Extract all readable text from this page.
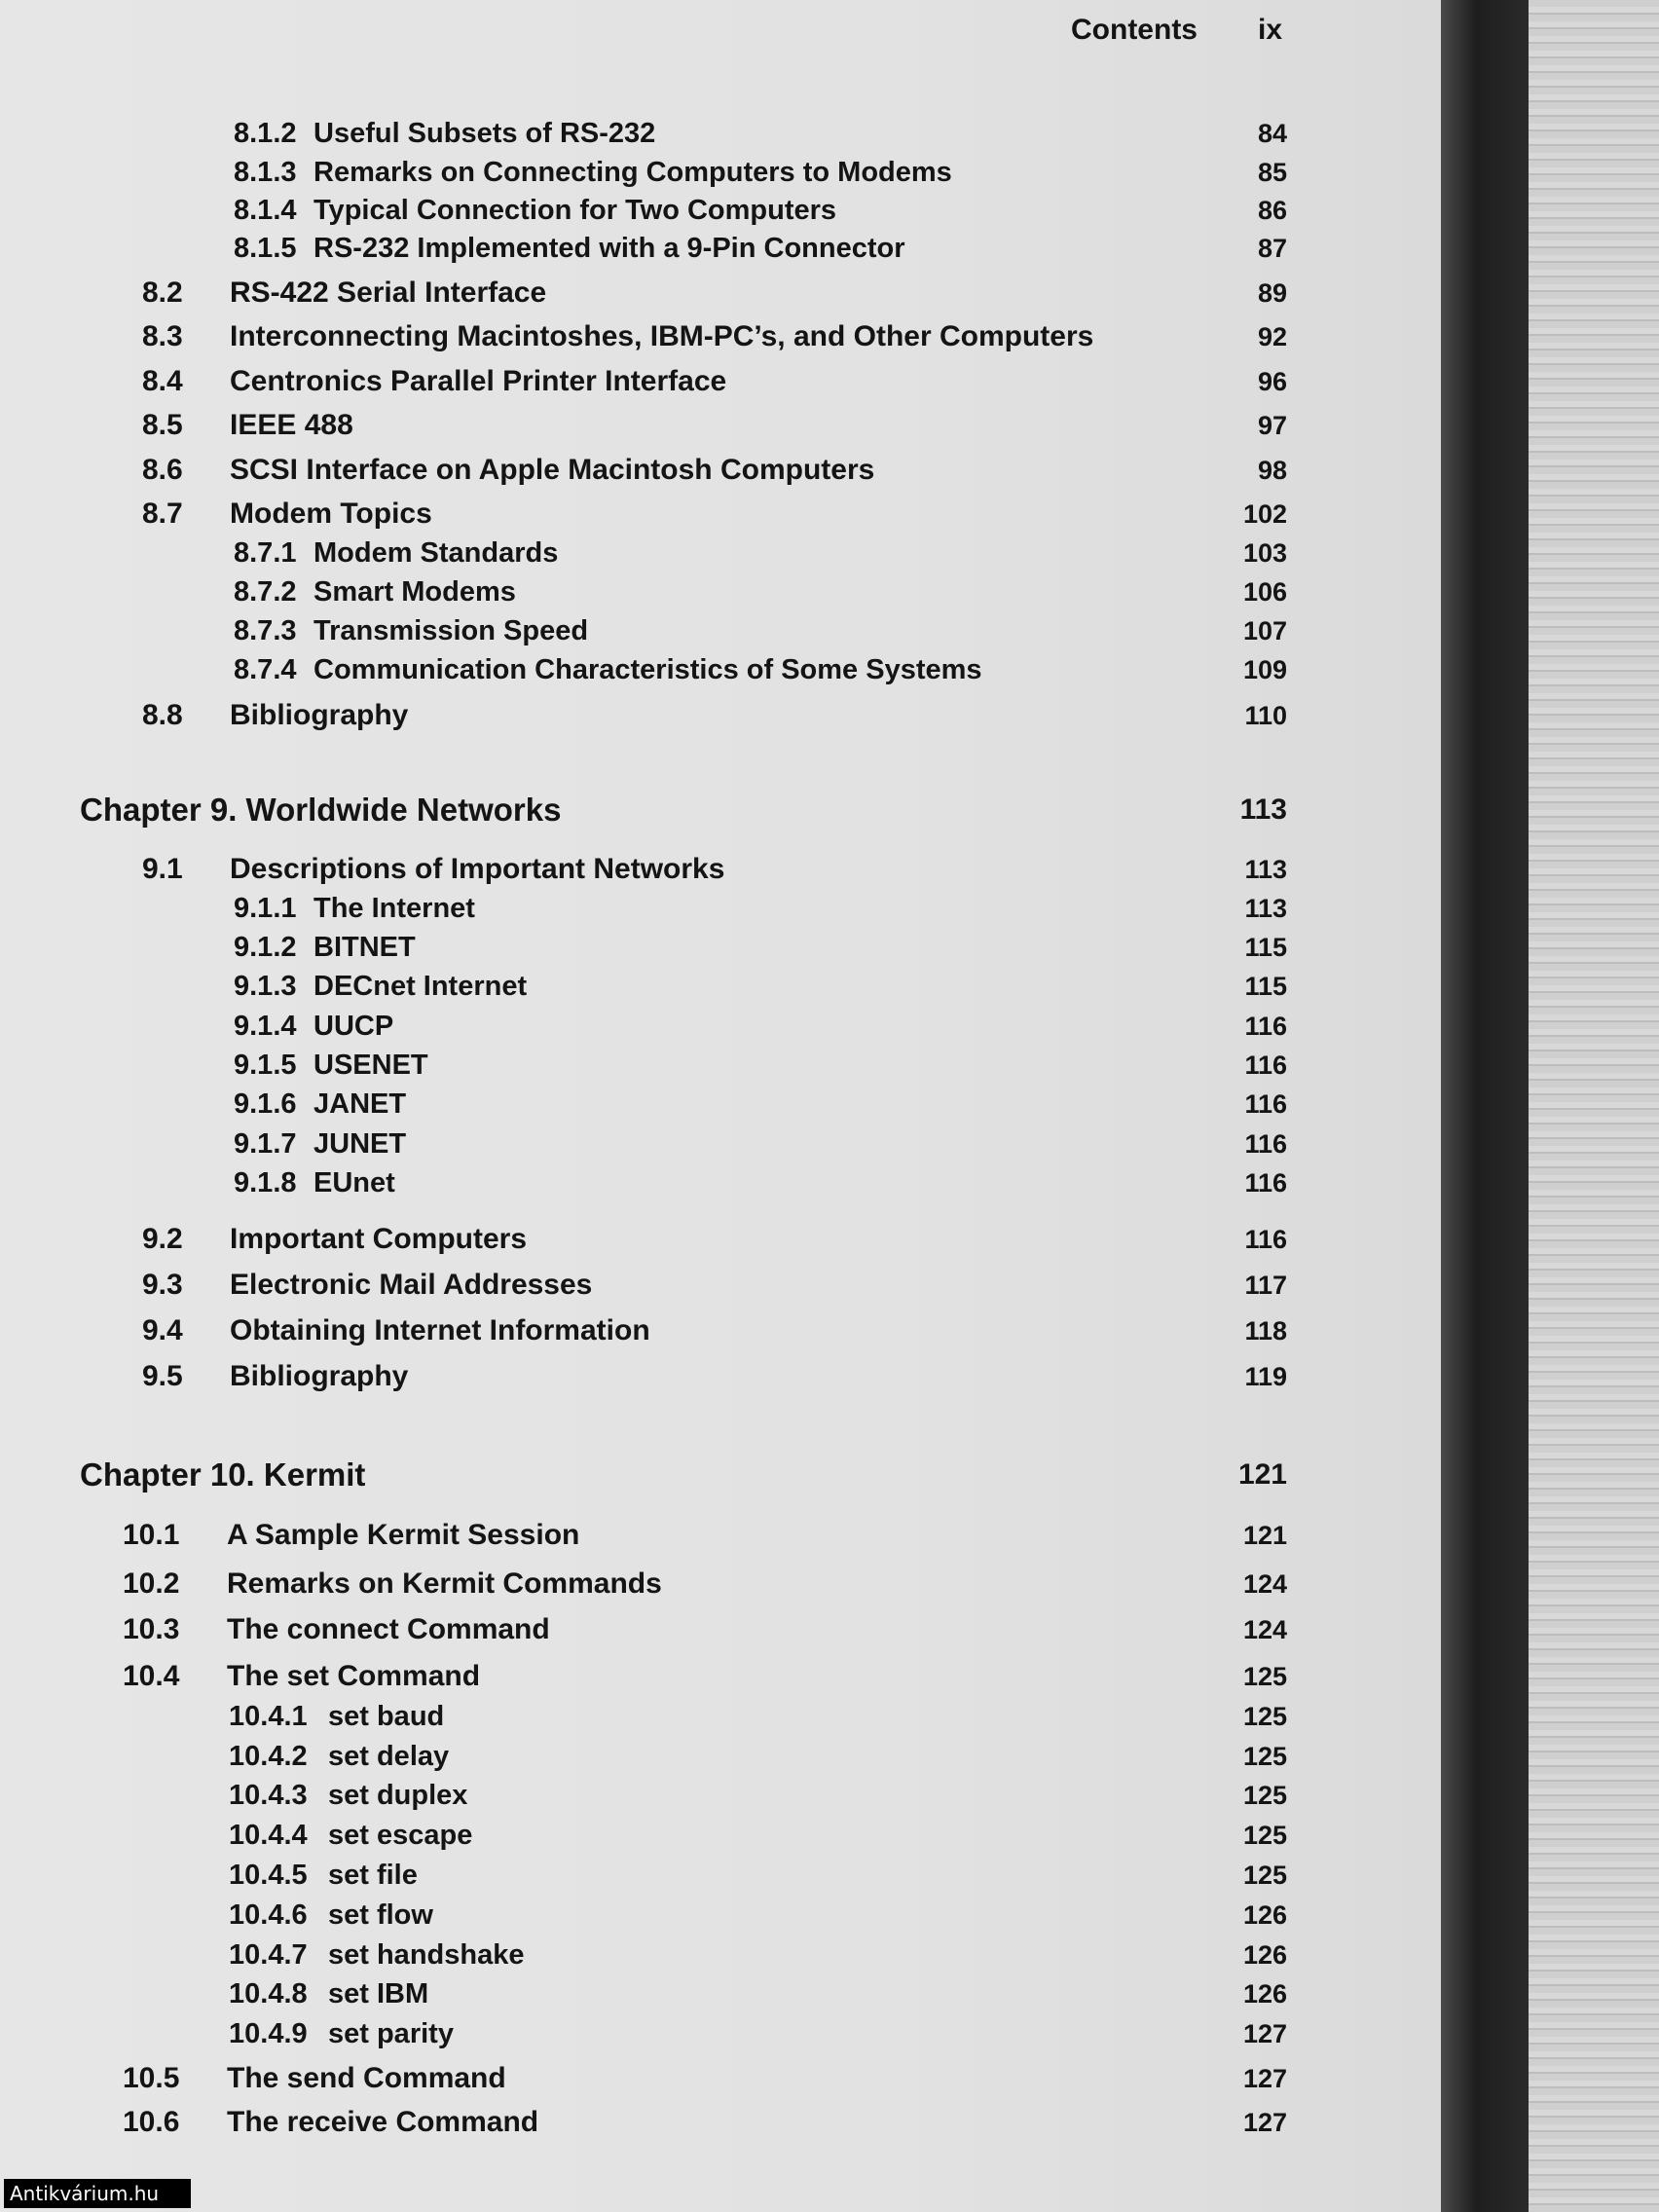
Contents ix
8.1.2 Useful Subsets of RS-232	84
8.1.3 Remarks on Connecting Computers to Modems	85
8.1.4 Typical Connection for Two Computers	86
8.1.5 RS-232 Implemented with a 9-Pin Connector	87
8.2 RS-422 Serial Interface	89
8.3 Interconnecting Macintoshes, IBM-PC’s, and Other Computers	92
8.4 Centronics Parallel Printer Interface	96
8.5 IEEE 488	97
8.6 SCSI Interface on Apple Macintosh Computers	98
8.7 Modem Topics	102
8.7.1 Modem Standards	103
8.7.2 Smart Modems	106
8.7.3 Transmission Speed	107
8.7.4 Communication Characteristics of Some Systems	109
8.8 Bibliography	110
Chapter 9. Worldwide Networks	113
9.1 Descriptions of Important Networks	113
9.1.1 The Internet	113
9.1.2 BITNET	115
9.1.3 DECnet Internet	115
9.1.4 UUCP	116
9.1.5 USENET	116
9.1.6 JANET	116
9.1.7 JUNET	116
9.1.8 EUnet	116
9.2 Important Computers	116
9.3 Electronic Mail Addresses	117
9.4 Obtaining Internet Information	118
9.5 Bibliography	119
Chapter 10. Kermit	121
10.1 A Sample Kermit Session	121
10.2 Remarks on Kermit Commands	124
10.3 The connect Command	124
10.4 The set Command	125
10.4.1 set baud	125
10.4.2 set delay	125
10.4.3 set duplex	125
10.4.4 set escape	125
10.4.5 set file	125
10.4.6 set flow	126
10.4.7 set handshake	126
10.4.8 set IBM	126
10.4.9 set parity	127
10.5 The send Command	127
10.6 The receive Command	127
Antikvárium.hu
